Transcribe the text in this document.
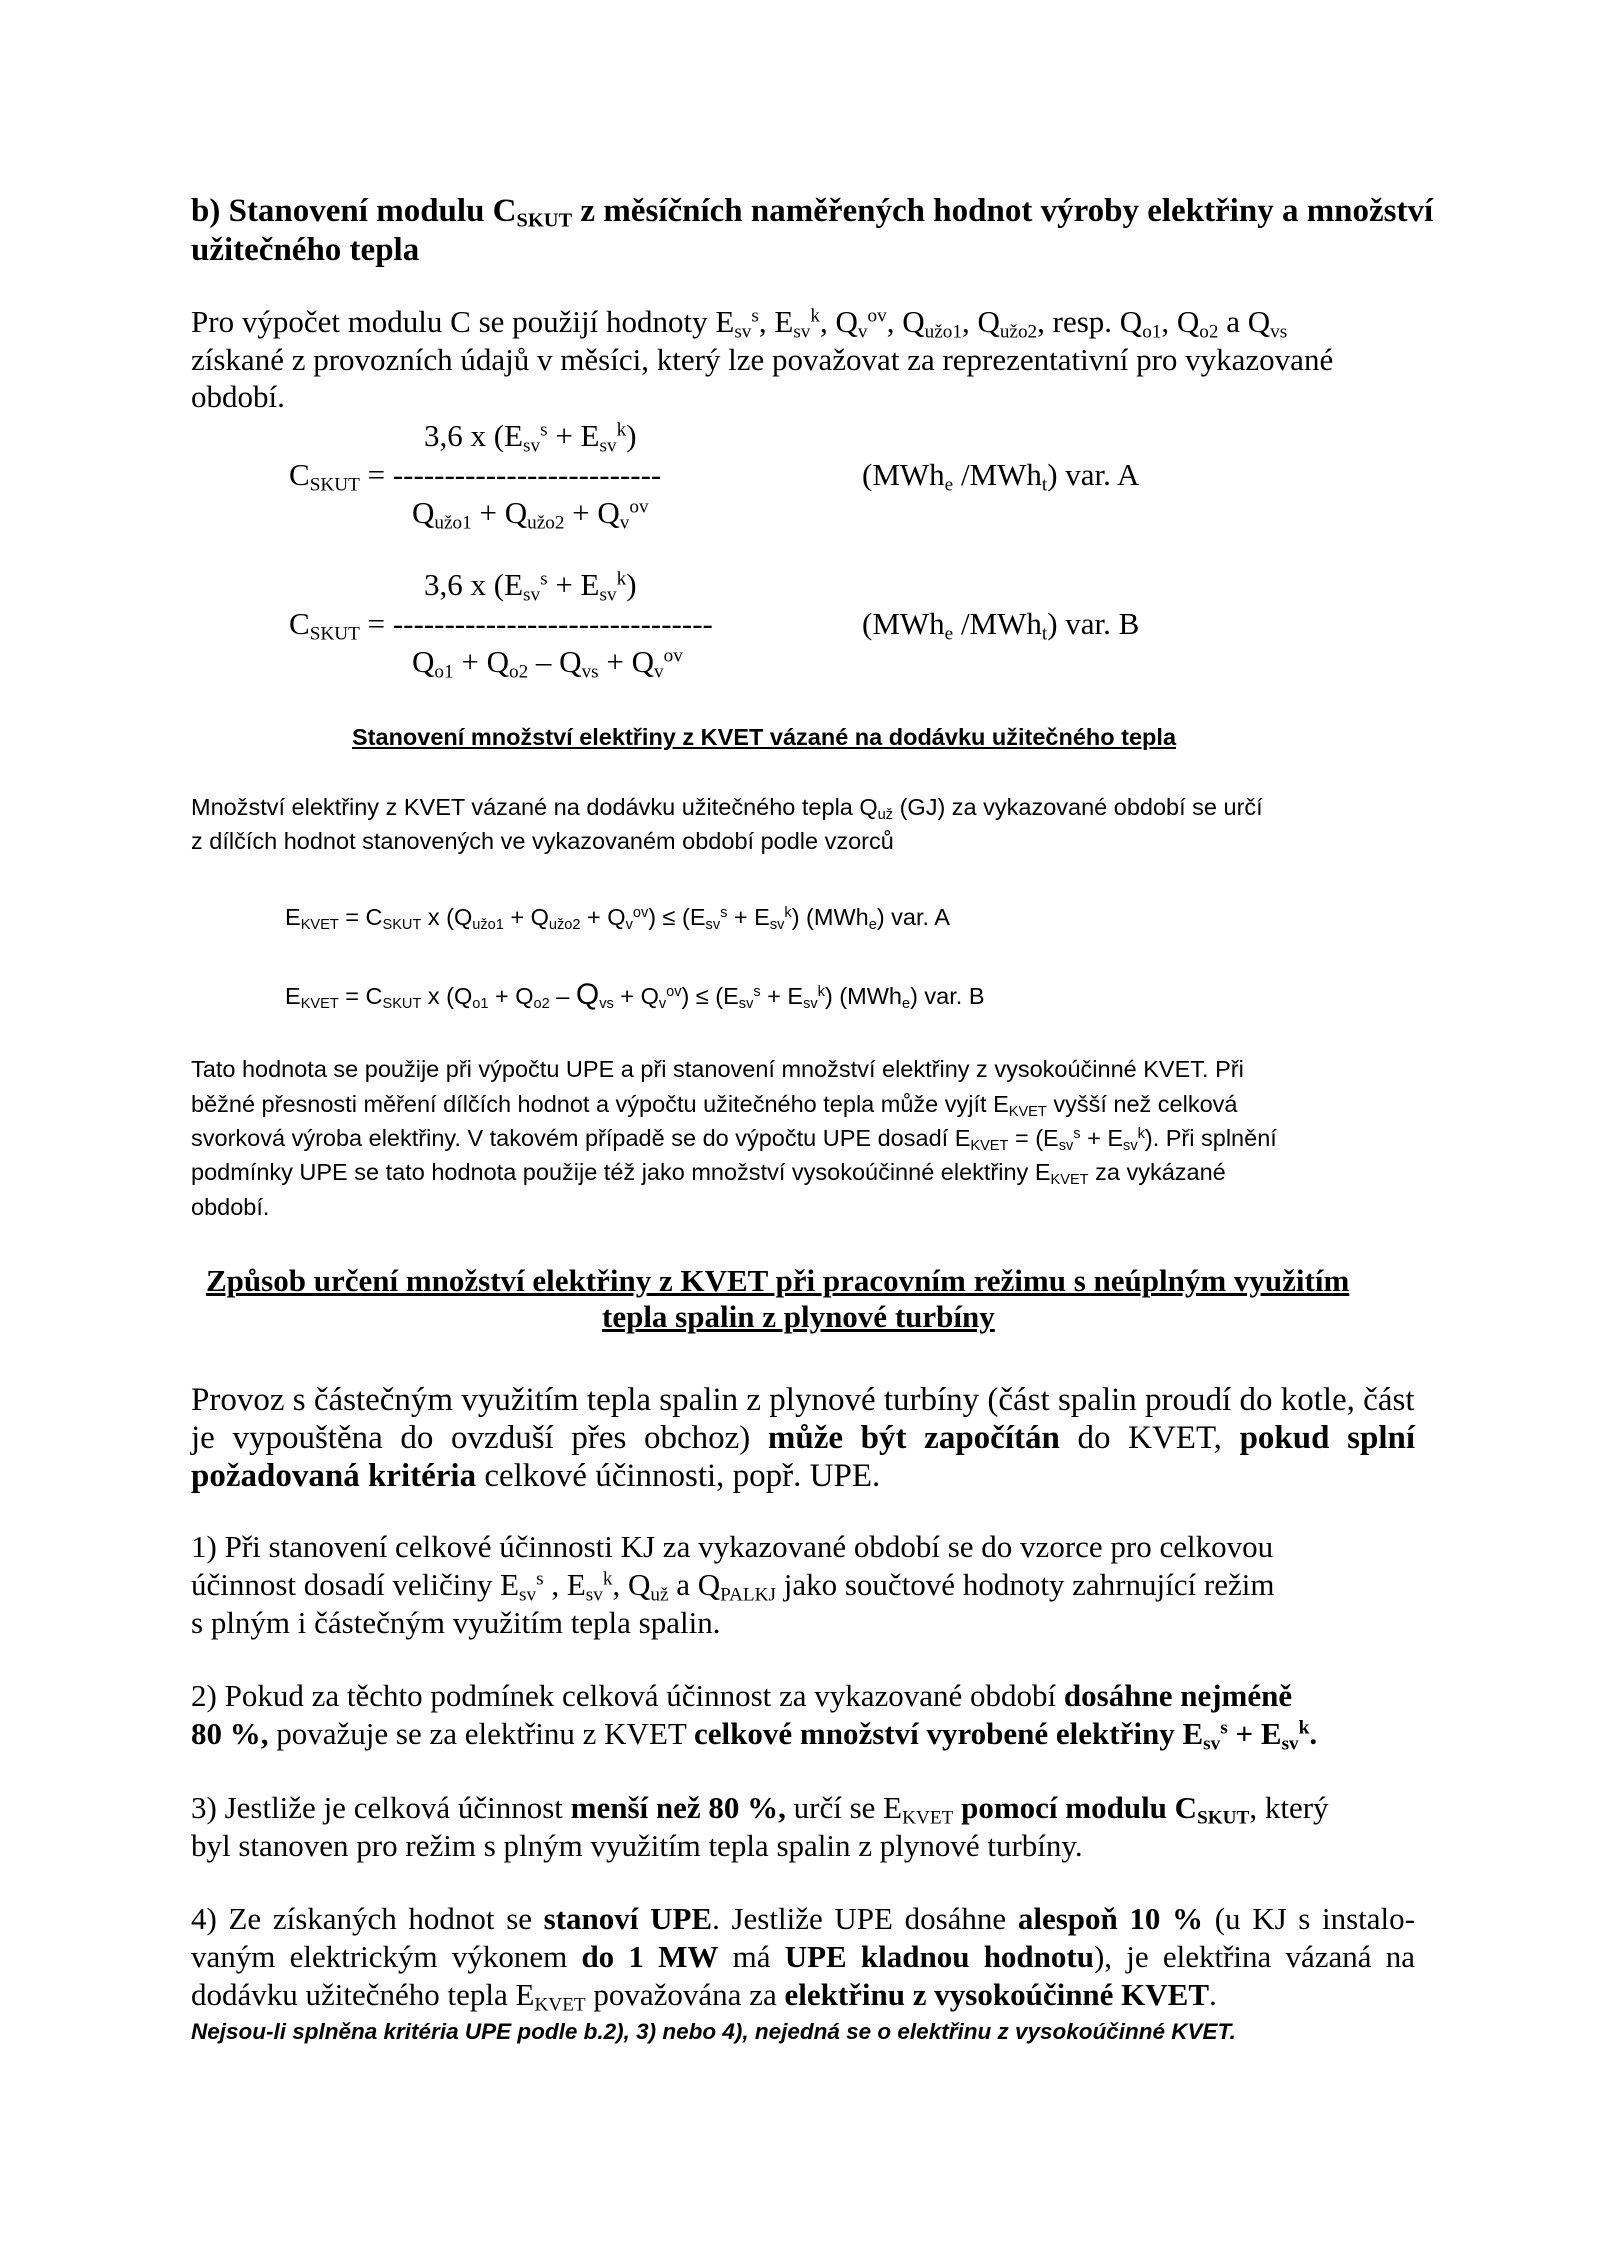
b) Stanovení modulu $C_{SKUT}$ z měsíčních naměřených hodnot výroby elektřiny a množství
užitečného tepla
Pro výpočet modulu C se použijí hodnoty $E_{sv}^s$, $E_{sv}^k$, $Q_v^{ov}$, $Q_{užo1}$, $Q_{užo2}$, resp. $Q_{o1}$, $Q_{o2}$ a $Q_{vs}$
získané z provozních údajů v měsíci, který lze považovat za reprezentativní pro vykazované
období.
3,6 x $(E_{sv}^s + E_{sv}^k)$
$C_{SKUT}$ = --------------------------	(MWh$_e$ /MWh$_t$) var. A
$Q_{užo1} + Q_{užo2} + Q_v^{ov}$
3,6 x $(E_{sv}^s + E_{sv}^k)$
$C_{SKUT}$ = -------------------------------	(MWh$_e$ /MWh$_t$) var. B
$Q_{o1} + Q_{o2} - Q_{vs} + Q_v^{ov}$
Stanovení množství elektřiny z KVET vázané na dodávku užitečného tepla
Množství elektřiny z KVET vázané na dodávku užitečného tepla $Q_{už}$ (GJ) za vykazované období se určí
z dílčích hodnot stanovených ve vykazovaném období podle vzorců
$E_{KVET} = C_{SKUT}$ x $(Q_{užo1} + Q_{užo2} + Q_v^{ov}) \le (E_{sv}^s + E_{sv}^k)$ (MWh$_e$) var. A
$E_{KVET} = C_{SKUT}$ x $(Q_{o1} + Q_{o2} - Q_{vs} + Q_v^{ov}) \le (E_{sv}^s + E_{sv}^k)$ (MWh$_e$) var. B
Tato hodnota se použije při výpočtu UPE a při stanovení množství elektřiny z vysokoúčinné KVET. Při
běžné přesnosti měření dílčích hodnot a výpočtu užitečného tepla může vyjít $E_{KVET}$ vyšší než celková
svorková výroba elektřiny. V takovém případě se do výpočtu UPE dosadí $E_{KVET} = (E_{sv}^s + E_{sv}^k)$. Při splnění
podmínky UPE se tato hodnota použije též jako množství vysokoúčinné elektřiny $E_{KVET}$ za vykázané
období.
Způsob určení množství elektřiny z KVET při pracovním režimu s neúplným využitím
tepla spalin z plynové turbíny
Provoz s částečným využitím tepla spalin z plynové turbíny (část spalin proudí do kotle, část
je vypouštěna do ovzduší přes obchoz) může být započítán do KVET, pokud splní
požadovaná kritéria celkové účinnosti, popř. UPE.
1) Při stanovení celkové účinnosti KJ za vykazované období se do vzorce pro celkovou
účinnost dosadí veličiny $E_{sv}^s$ , $E_{sv}^k$, $Q_{už}$ a $Q_{PALKJ}$ jako součtové hodnoty zahrnující režim
s plným i částečným využitím tepla spalin.
2) Pokud za těchto podmínek celková účinnost za vykazované období dosáhne nejméně
80 %, považuje se za elektřinu z KVET celkové množství vyrobené elektřiny $E_{sv}^s + E_{sv}^k$.
3) Jestliže je celková účinnost menší než 80 %, určí se $E_{KVET}$ pomocí modulu $C_{SKUT}$, který
byl stanoven pro režim s plným využitím tepla spalin z plynové turbíny.
4) Ze získaných hodnot se stanoví UPE. Jestliže UPE dosáhne alespoň 10 % (u KJ s instalo-
vaným elektrickým výkonem do 1 MW má UPE kladnou hodnotu), je elektřina vázaná na
dodávku užitečného tepla $E_{KVET}$ považována za elektřinu z vysokoúčinné KVET.
Nejsou-li splněna kritéria UPE podle b.2), 3) nebo 4), nejedná se o elektřinu z vysokoúčinné KVET.
